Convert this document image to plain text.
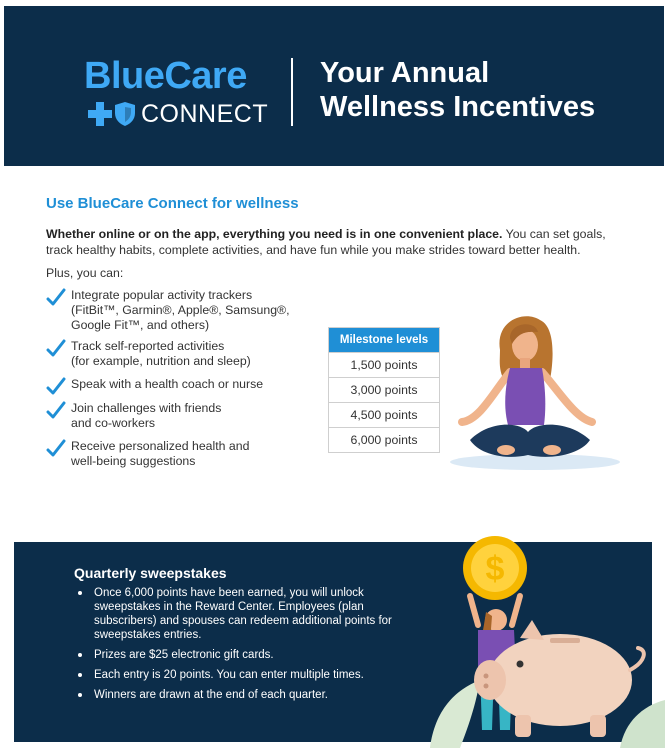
BlueCare
CONNECT
Your Annual
Wellness Incentives
Use BlueCare Connect for wellness
Whether online or on the app, everything you need is in one convenient place. You can set goals, track healthy habits, complete activities, and have fun while you make strides toward better health.
Plus, you can:
Integrate popular activity trackers
(FitBit™, Garmin®, Apple®, Samsung®,
Google Fit™, and others)
Track self-reported activities
(for example, nutrition and sleep)
Speak with a health coach or nurse
Join challenges with friends
and co-workers
Receive personalized health and
well-being suggestions
Milestone levels
1,500 points
3,000 points
4,500 points
6,000 points
Quarterly sweepstakes
Once 6,000 points have been earned, you will unlock sweepstakes in the Reward Center. Employees (plan subscribers) and spouses can redeem additional points for sweepstakes entries.
Prizes are $25 electronic gift cards.
Each entry is 20 points. You can enter multiple times.
Winners are drawn at the end of each quarter.
$
